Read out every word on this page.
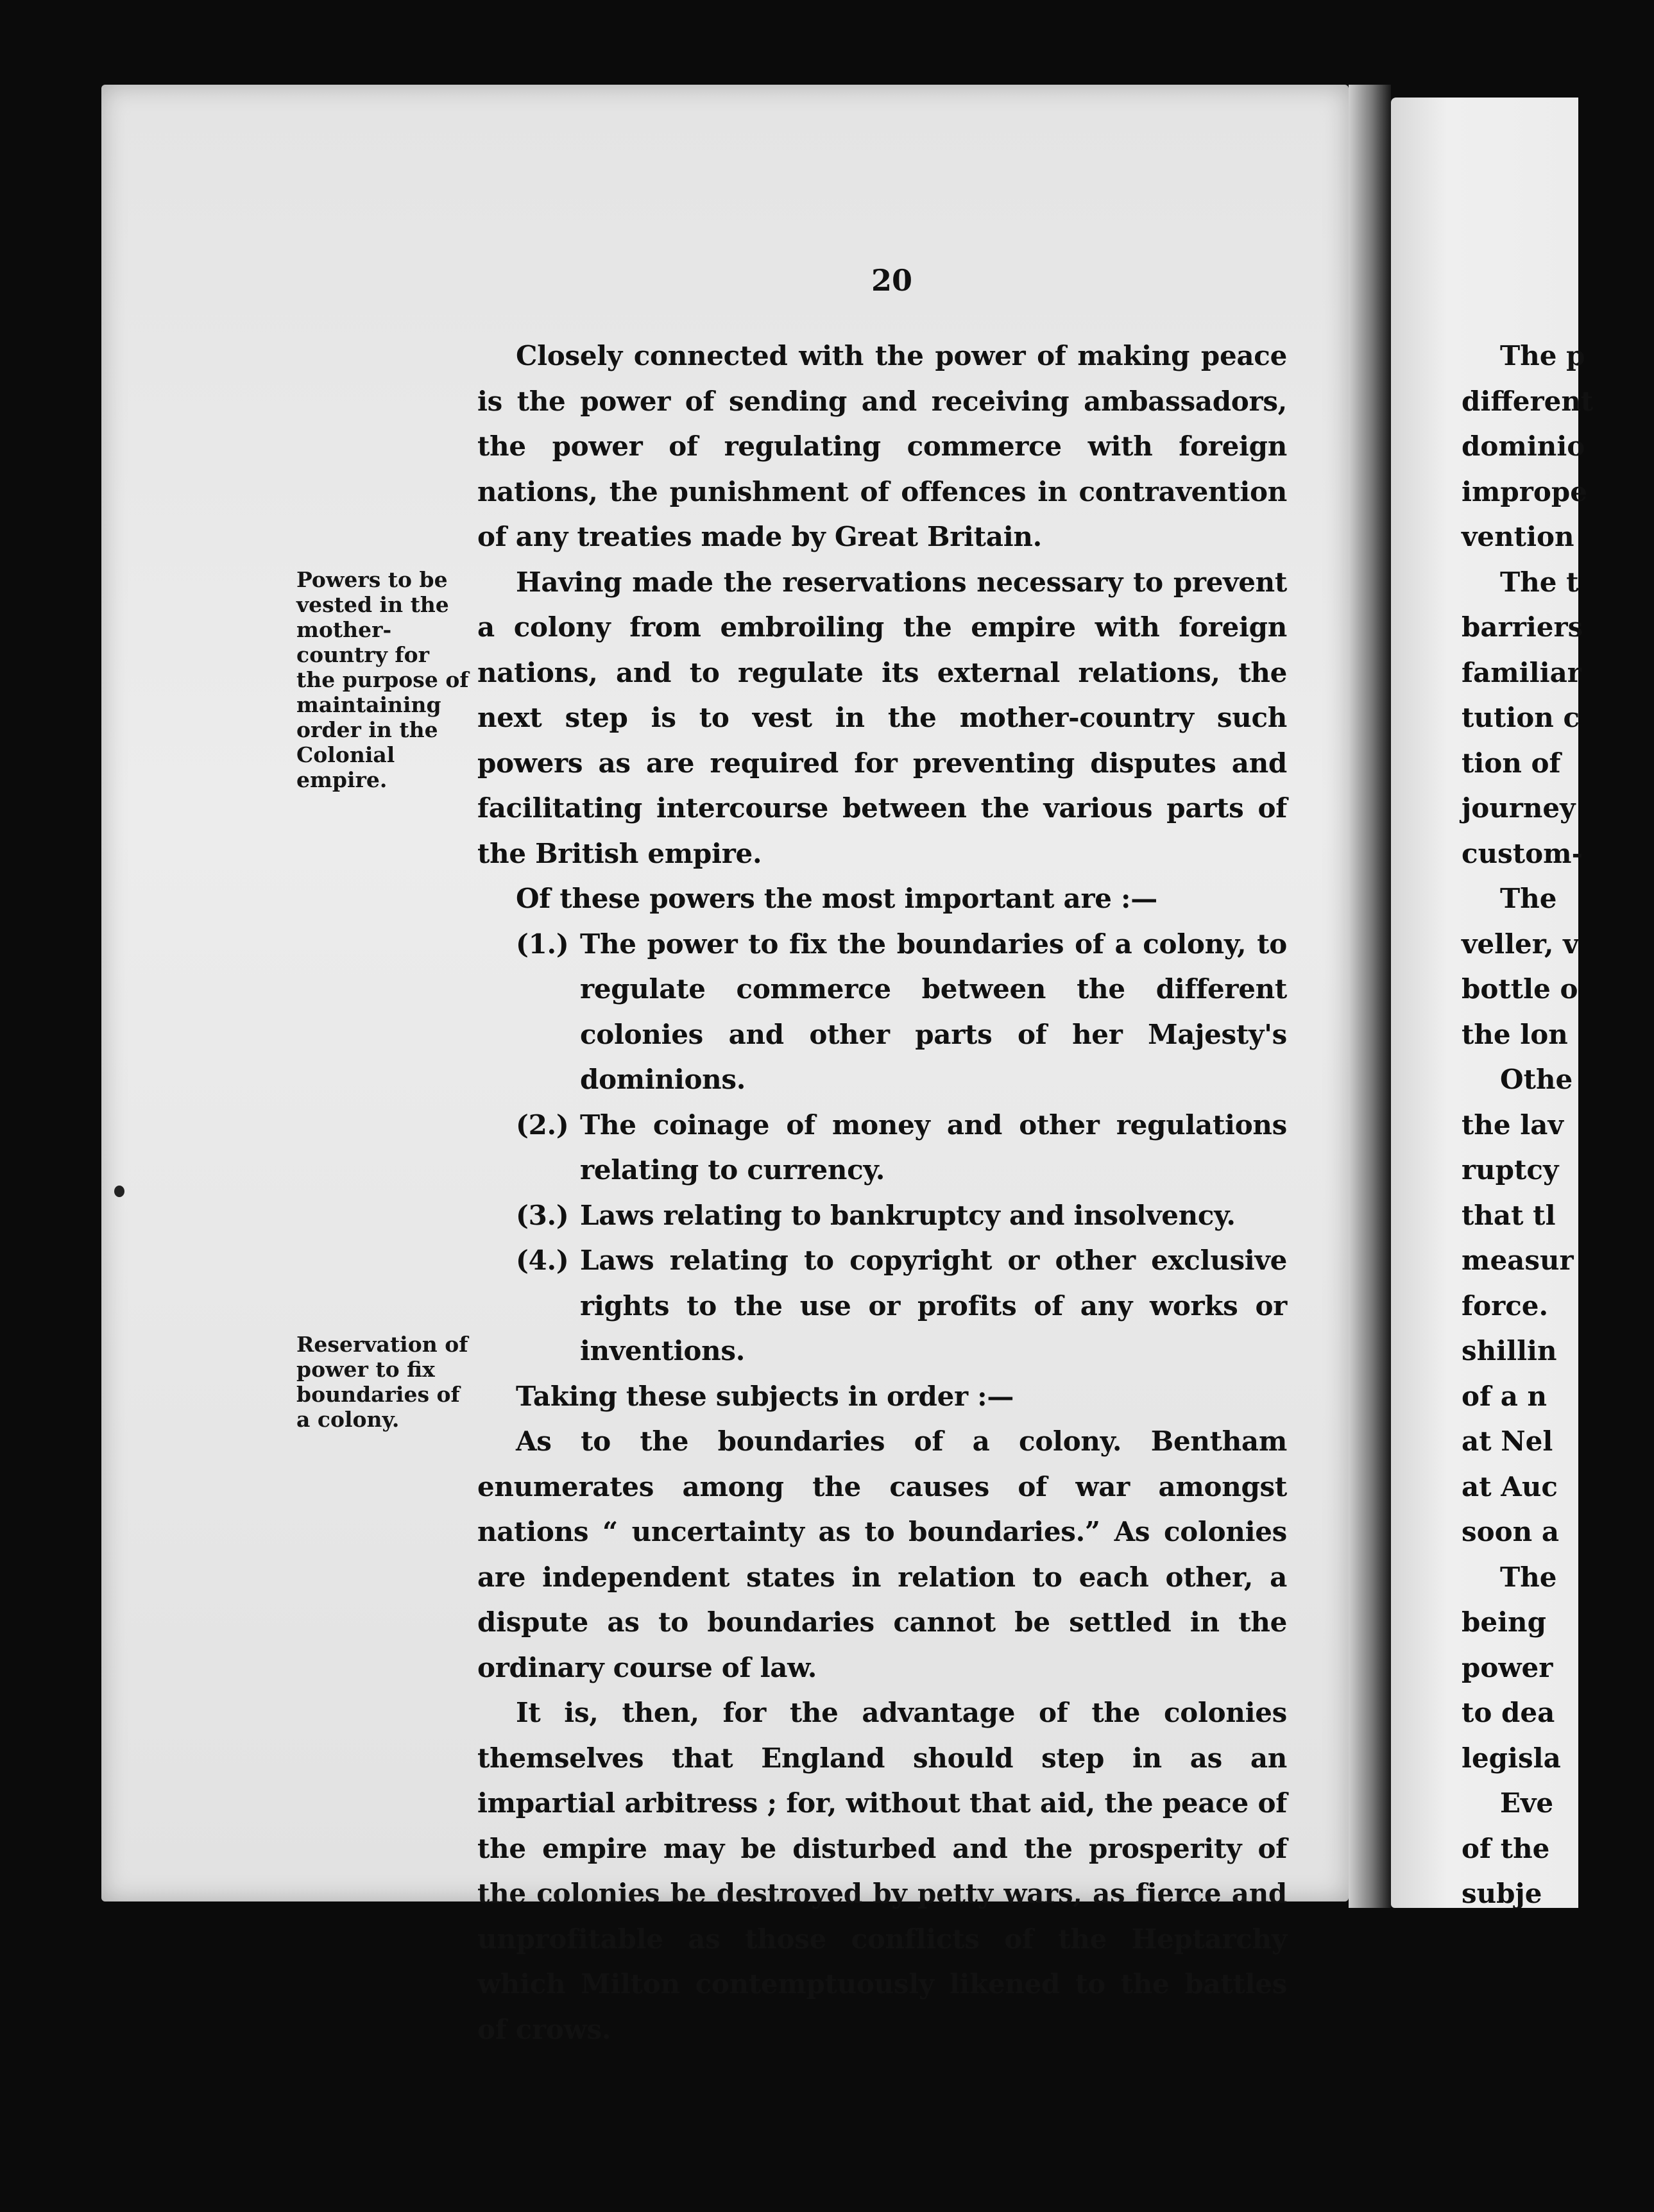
20
Powers to be vested in the mother-country for the purpose of maintaining order in the Colonial empire.
Reservation of power to fix boundaries of a colony.

Closely connected with the power of making peace is the power of sending and receiving ambassadors, the power of regulating commerce with foreign nations, the punishment of offences in contravention of any treaties made by Great Britain.

Having made the reservations necessary to prevent a colony from embroiling the empire with foreign nations, and to regulate its external relations, the next step is to vest in the mother-country such powers as are required for preventing disputes and facilitating intercourse between the various parts of the British empire.

Of these powers the most important are :—

(1.) The power to fix the boundaries of a colony, to regulate commerce between the different colonies and other parts of her Majesty's dominions.
(2.) The coinage of money and other regulations relating to currency.
(3.) Laws relating to bankruptcy and insolvency.
(4.) Laws relating to copyright or other exclusive rights to the use or profits of any works or inventions.

Taking these subjects in order :—

As to the boundaries of a colony. Bentham enumerates among the causes of war amongst nations “ uncertainty as to boundaries.” As colonies are independent states in relation to each other, a dispute as to boundaries cannot be settled in the ordinary course of law.

It is, then, for the advantage of the colonies themselves that England should step in as an impartial arbitress ; for, without that aid, the peace of the empire may be disturbed and the prosperity of the colonies be destroyed by petty wars, as fierce and unprofitable as those conflicts of the Heptarchy which Milton contemptuously likened to the battles of crows.

The p
different
dominio
imprope
vention
The t
barriers
familiar
tution c
tion of
journey
custom-
The
veller, v
bottle o
the lon
Othe
the lav
ruptcy
that tl
measur
force.
shillin
of a n
at Nel
at Auc
soon a
The
being
power
to dea
legisla
Eve
of the
subje
